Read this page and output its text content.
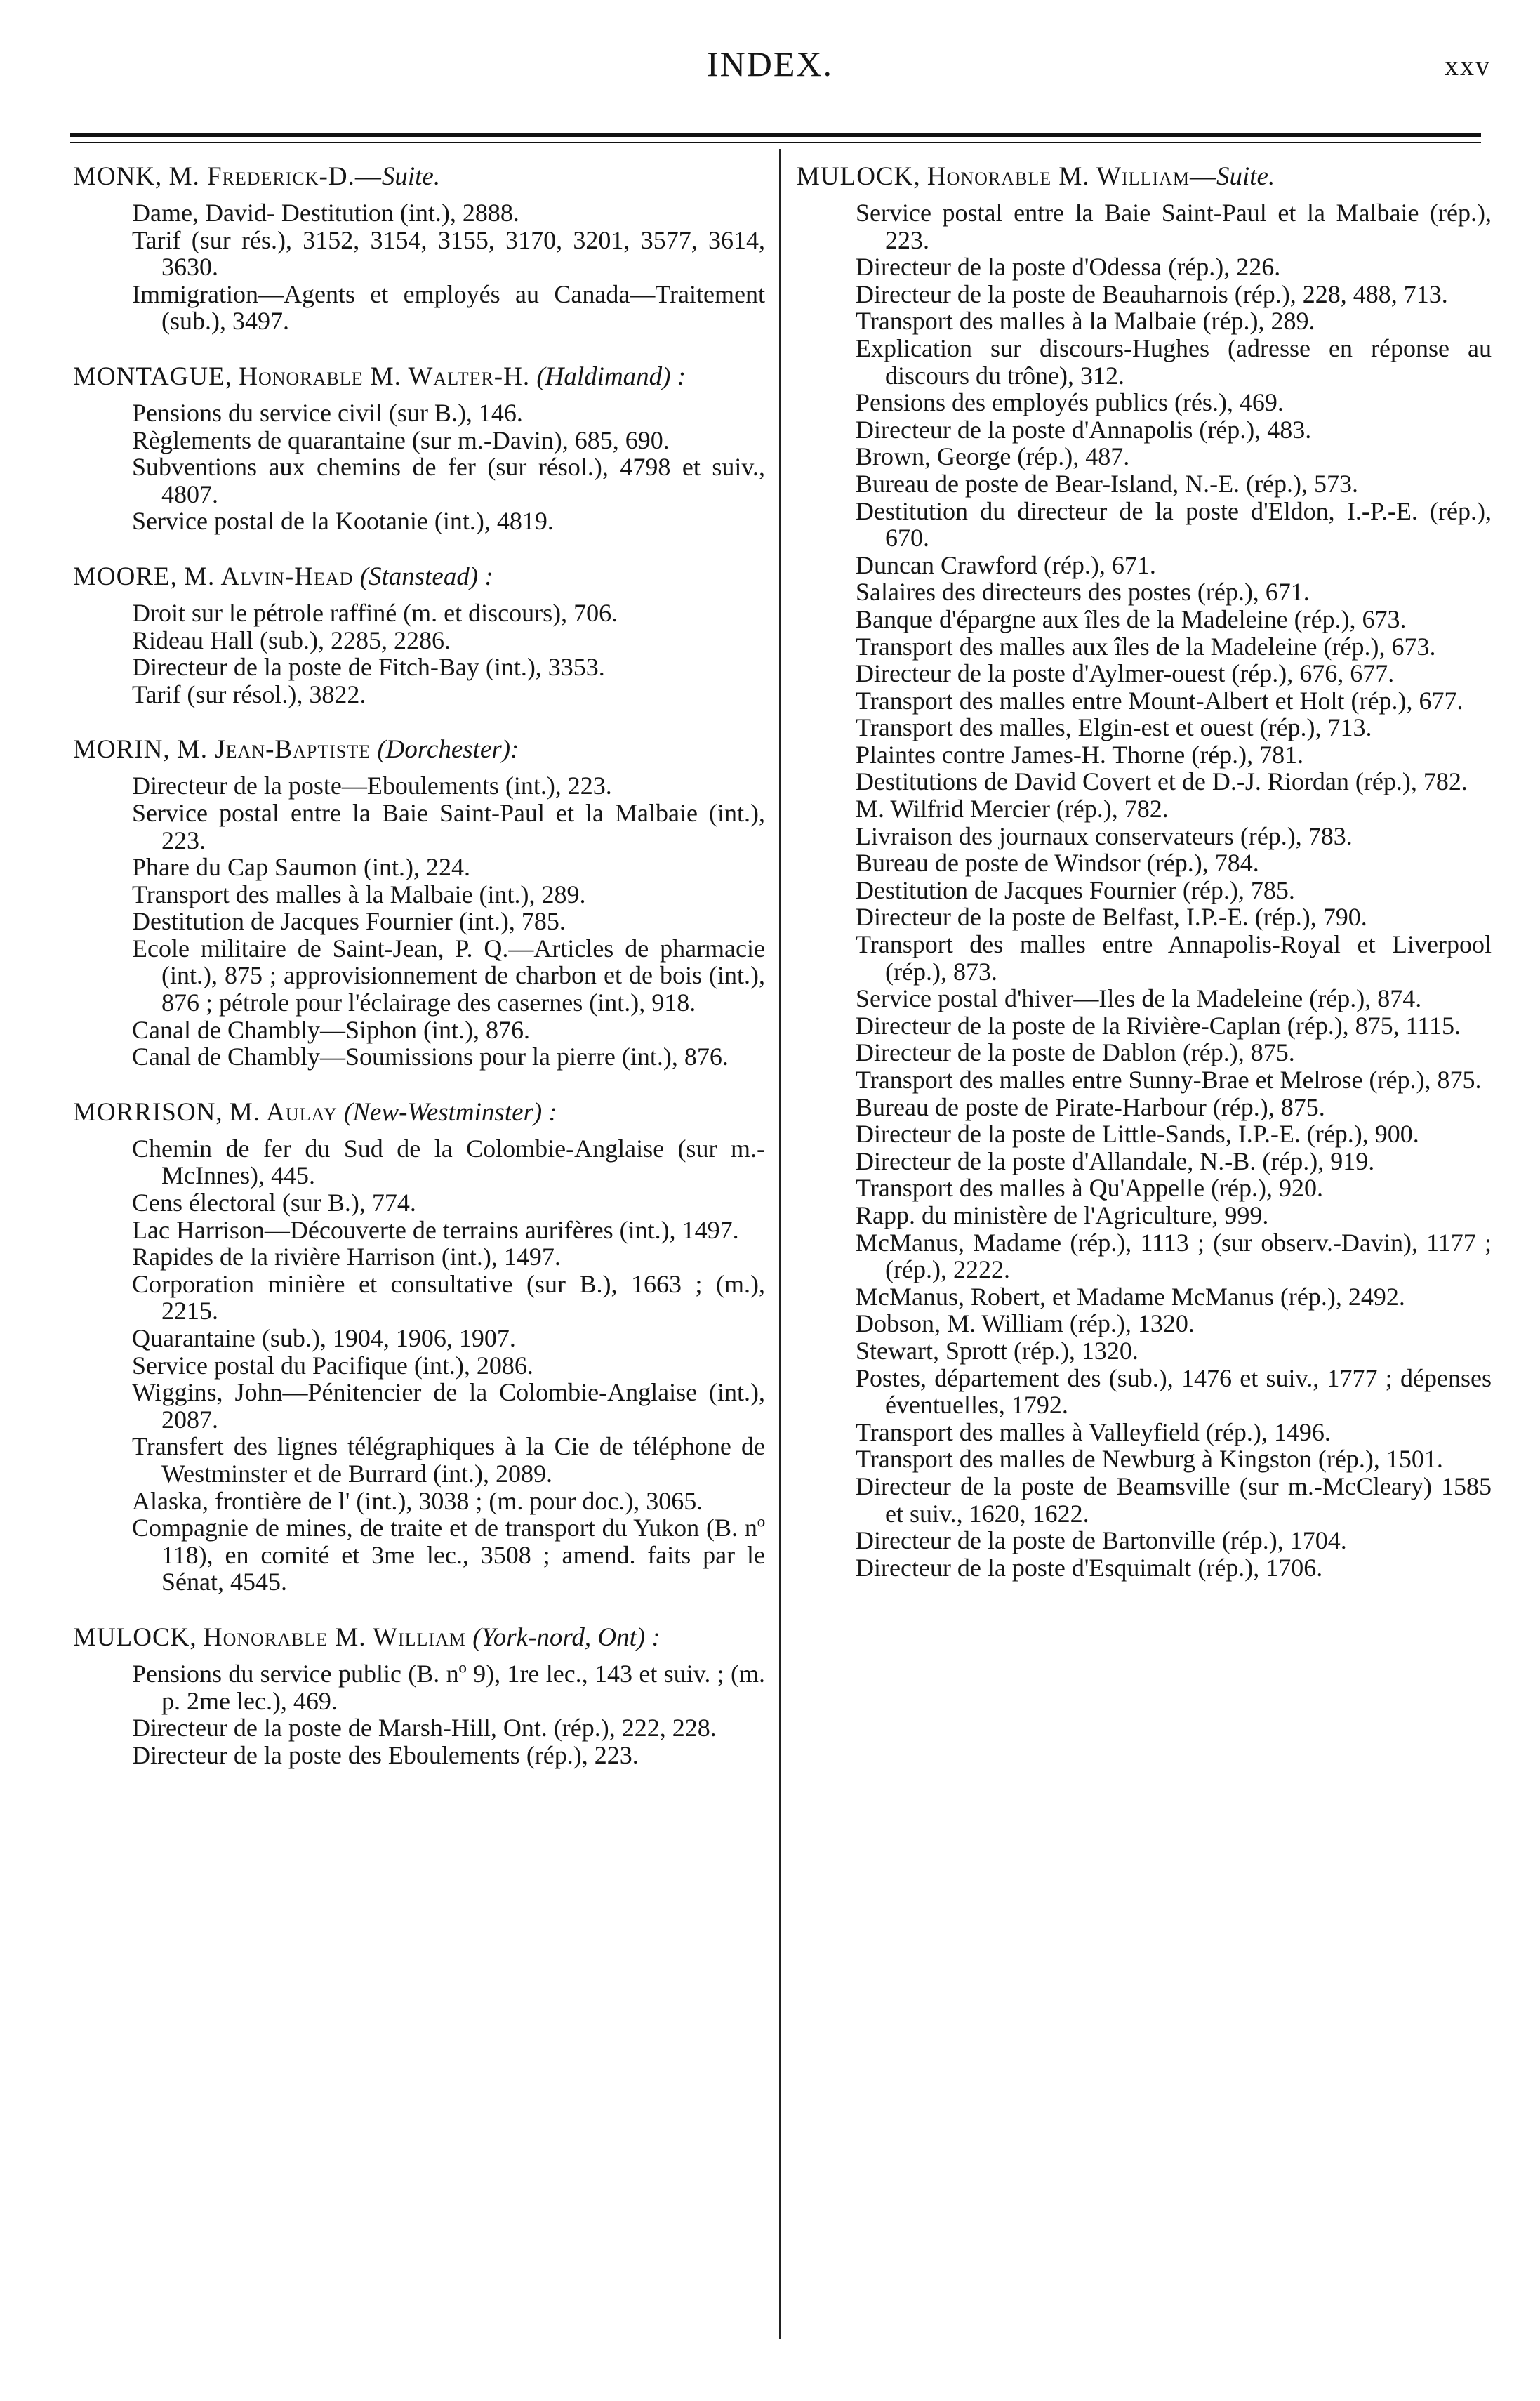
INDEX.	xxv
MONK, M. Frederick-D.—Suite.
Dame, David- Destitution (int.), 2888.
Tarif (sur rés.), 3152, 3154, 3155, 3170, 3201, 3577, 3614, 3630.
Immigration—Agents et employés au Canada—Traitement (sub.), 3497.
MONTAGUE, Honorable M. Walter-H. (Haldimand) :
Pensions du service civil (sur B.), 146.
Règlements de quarantaine (sur m.-Davin), 685, 690.
Subventions aux chemins de fer (sur résol.), 4798 et suiv., 4807.
Service postal de la Kootanie (int.), 4819.
MOORE, M. Alvin-Head (Stanstead) :
Droit sur le pétrole raffiné (m. et discours), 706.
Rideau Hall (sub.), 2285, 2286.
Directeur de la poste de Fitch-Bay (int.), 3353.
Tarif (sur résol.), 3822.
MORIN, M. Jean-Baptiste (Dorchester):
Directeur de la poste—Eboulements (int.), 223.
Service postal entre la Baie Saint-Paul et la Malbaie (int.), 223.
Phare du Cap Saumon (int.), 224.
Transport des malles à la Malbaie (int.), 289.
Destitution de Jacques Fournier (int.), 785.
Ecole militaire de Saint-Jean, P. Q.—Articles de pharmacie (int.), 875 ; approvisionnement de charbon et de bois (int.), 876 ; pétrole pour l'éclairage des casernes (int.), 918.
Canal de Chambly—Siphon (int.), 876.
Canal de Chambly—Soumissions pour la pierre (int.), 876.
MORRISON, M. Aulay (New-Westminster) :
Chemin de fer du Sud de la Colombie-Anglaise (sur m.-McInnes), 445.
Cens électoral (sur B.), 774.
Lac Harrison—Découverte de terrains aurifères (int.), 1497.
Rapides de la rivière Harrison (int.), 1497.
Corporation minière et consultative (sur B.), 1663 ; (m.), 2215.
Quarantaine (sub.), 1904, 1906, 1907.
Service postal du Pacifique (int.), 2086.
Wiggins, John—Pénitencier de la Colombie-Anglaise (int.), 2087.
Transfert des lignes télégraphiques à la Cie de téléphone de Westminster et de Burrard (int.), 2089.
Alaska, frontière de l' (int.), 3038 ; (m. pour doc.), 3065.
Compagnie de mines, de traite et de transport du Yukon (B. nº 118), en comité et 3me lec., 3508 ; amend. faits par le Sénat, 4545.
MULOCK, Honorable M. William (York-nord, Ont) :
Pensions du service public (B. nº 9), 1re lec., 143 et suiv. ; (m. p. 2me lec.), 469.
Directeur de la poste de Marsh-Hill, Ont. (rép.), 222, 228.
Directeur de la poste des Eboulements (rép.), 223.
MULOCK, Honorable M. William—Suite.
Service postal entre la Baie Saint-Paul et la Malbaie (rép.), 223.
Directeur de la poste d'Odessa (rép.), 226.
Directeur de la poste de Beauharnois (rép.), 228, 488, 713.
Transport des malles à la Malbaie (rép.), 289.
Explication sur discours-Hughes (adresse en réponse au discours du trône), 312.
Pensions des employés publics (rés.), 469.
Directeur de la poste d'Annapolis (rép.), 483.
Brown, George (rép.), 487.
Bureau de poste de Bear-Island, N.-E. (rép.), 573.
Destitution du directeur de la poste d'Eldon, I.-P.-E. (rép.), 670.
Duncan Crawford (rép.), 671.
Salaires des directeurs des postes (rép.), 671.
Banque d'épargne aux îles de la Madeleine (rép.), 673.
Transport des malles aux îles de la Madeleine (rép.), 673.
Directeur de la poste d'Aylmer-ouest (rép.), 676, 677.
Transport des malles entre Mount-Albert et Holt (rép.), 677.
Transport des malles, Elgin-est et ouest (rép.), 713.
Plaintes contre James-H. Thorne (rép.), 781.
Destitutions de David Covert et de D.-J. Riordan (rép.), 782.
M. Wilfrid Mercier (rép.), 782.
Livraison des journaux conservateurs (rép.), 783.
Bureau de poste de Windsor (rép.), 784.
Destitution de Jacques Fournier (rép.), 785.
Directeur de la poste de Belfast, I.P.-E. (rép.), 790.
Transport des malles entre Annapolis-Royal et Liverpool (rép.), 873.
Service postal d'hiver—Iles de la Madeleine (rép.), 874.
Directeur de la poste de la Rivière-Caplan (rép.), 875, 1115.
Directeur de la poste de Dablon (rép.), 875.
Transport des malles entre Sunny-Brae et Melrose (rép.), 875.
Bureau de poste de Pirate-Harbour (rép.), 875.
Directeur de la poste de Little-Sands, I.P.-E. (rép.), 900.
Directeur de la poste d'Allandale, N.-B. (rép.), 919.
Transport des malles à Qu'Appelle (rép.), 920.
Rapp. du ministère de l'Agriculture, 999.
McManus, Madame (rép.), 1113 ; (sur observ.-Davin), 1177 ; (rép.), 2222.
McManus, Robert, et Madame McManus (rép.), 2492.
Dobson, M. William (rép.), 1320.
Stewart, Sprott (rép.), 1320.
Postes, département des (sub.), 1476 et suiv., 1777 ; dépenses éventuelles, 1792.
Transport des malles à Valleyfield (rép.), 1496.
Transport des malles de Newburg à Kingston (rép.), 1501.
Directeur de la poste de Beamsville (sur m.-McCleary) 1585 et suiv., 1620, 1622.
Directeur de la poste de Bartonville (rép.), 1704.
Directeur de la poste d'Esquimalt (rép.), 1706.
